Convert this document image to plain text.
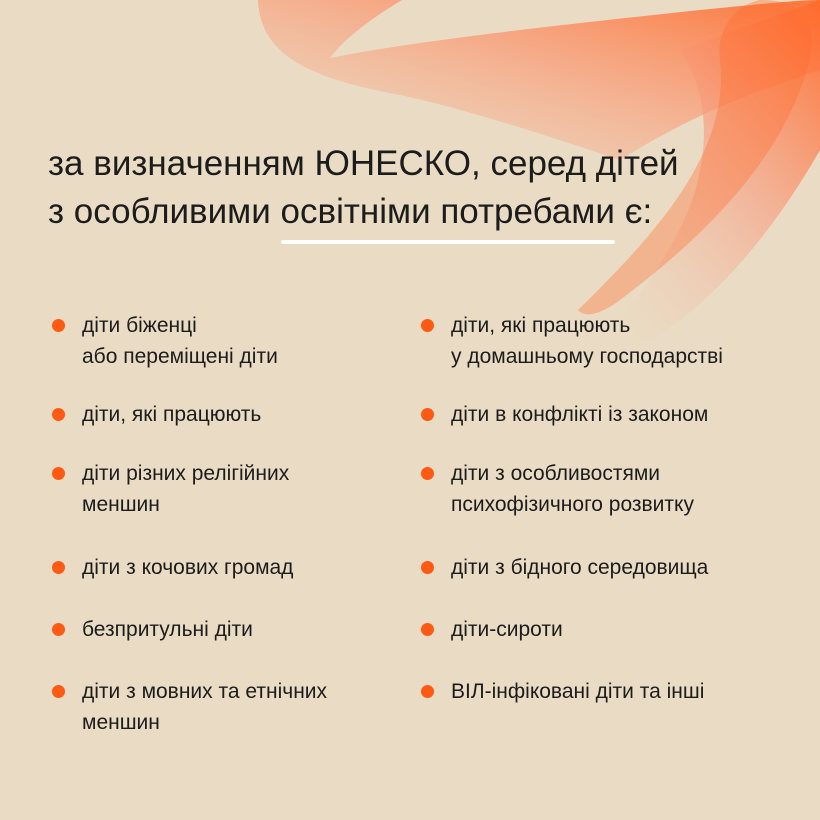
за визначенням ЮНЕСКО, серед дітей
з особливими освітніми потребами є:
діти біженці
або переміщені діти
діти, які працюють
діти різних релігійних
меншин
діти з кочових громад
безпритульні діти
діти з мовних та етнічних
меншин
діти, які працюють
у домашньому господарстві
діти в конфлікті із законом
діти з особливостями
психофізичного розвитку
діти з бідного середовища
діти-сироти
ВІЛ-інфіковані діти та інші
